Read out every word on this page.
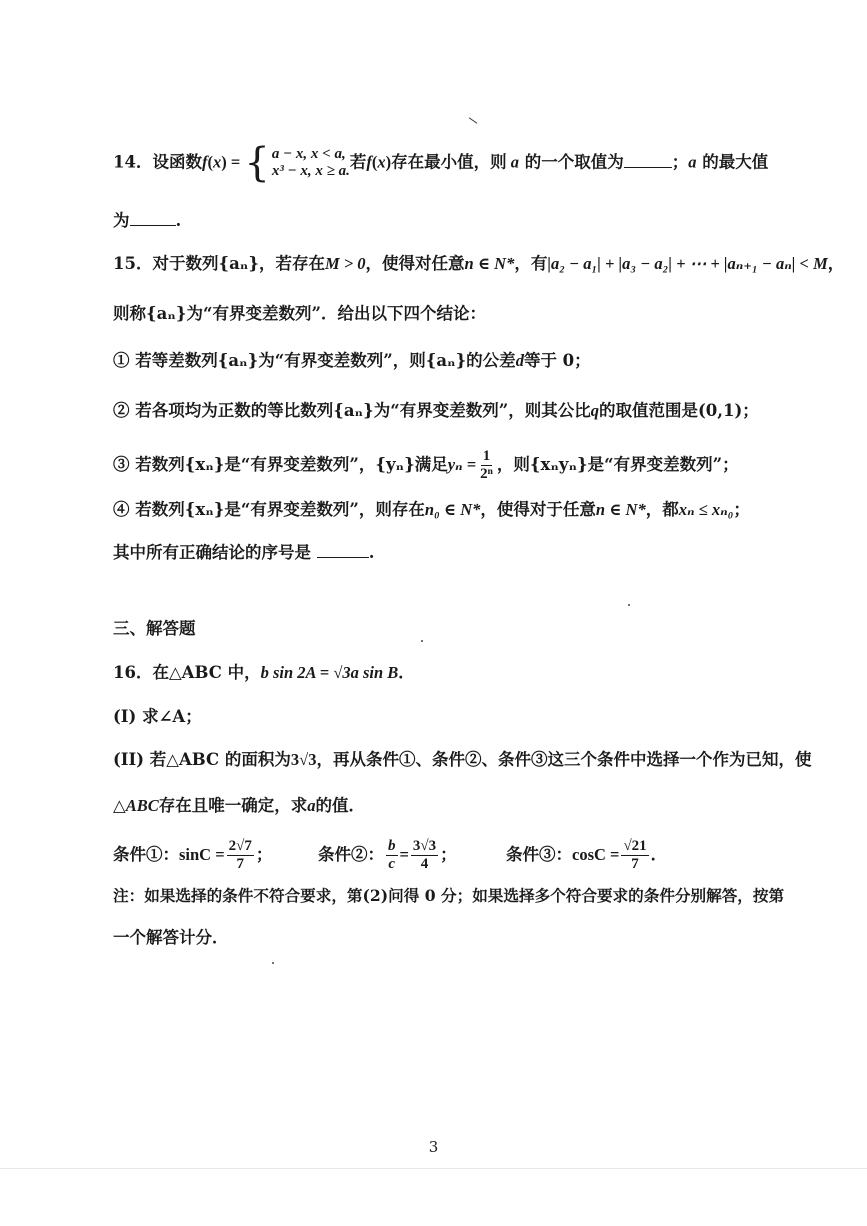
14．设函数f(x) = { a − x, x < a,
x³ − x, x ≥ a. 若f(x)存在最小值，则 a 的一个取值为	；a 的最大值
为	.
15．对于数列{aₙ}，若存在M > 0，使得对任意n ∈ N*，有|a₂ − a₁| + |a₃ − a₂| + ⋯ + |aₙ₊₁ − aₙ| < M，
则称{aₙ}为“有界变差数列”．给出以下四个结论：
① 若等差数列{aₙ}为“有界变差数列”，则{aₙ}的公差d等于 0；
② 若各项均为正数的等比数列{aₙ}为“有界变差数列”，则其公比q的取值范围是(0,1)；
③ 若数列{xₙ}是“有界变差数列”，{yₙ}满足$y_n = \frac{1}{\text{2ⁿ}}$ ，则{xₙyₙ}是“有界变差数列”；
④ 若数列{xₙ}是“有界变差数列”，则存在n₀ ∈ N*，使得对于任意n ∈ N*，都xₙ ≤ xₙ₀；
其中所有正确结论的序号是	.
三、解答题
16．在△ABC 中，b sin 2A = √3a sin B．
(I) 求∠A；
(II) 若△ABC 的面积为3√3，再从条件①、条件②、条件③这三个条件中选择一个作为已知，使
△ABC存在且唯一确定，求a的值．
条件①：$\sin C = \frac{2√7}{7}$ ；	条件②： $\frac{b}{c} = \frac{3√3}{4}$ ；	条件③：$\cos C = \frac{√21}{7}$ ．
注：如果选择的条件不符合要求，第(2)问得 0 分；如果选择多个符合要求的条件分别解答，按第
一个解答计分．
3
